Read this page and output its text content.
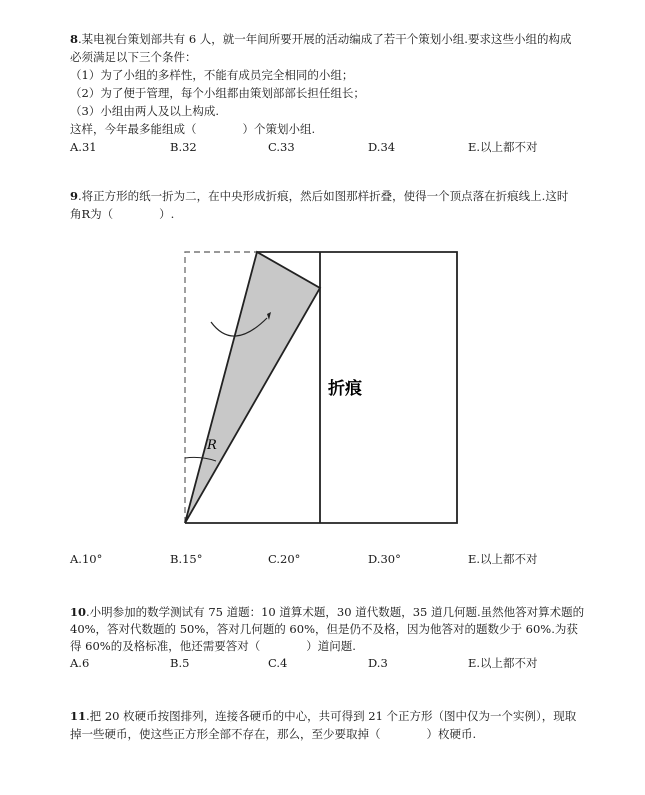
8.某电视台策划部共有 6 人，就一年间所要开展的活动编成了若干个策划小组.要求这些小组的构成
必须满足以下三个条件：
（1）为了小组的多样性，不能有成员完全相同的小组；
（2）为了便于管理，每个小组都由策划部部长担任组长；
（3）小组由两人及以上构成.
这样，今年最多能组成（　　　　）个策划小组.
A.31	B.32	C.33	D.34	E.以上都不对
9.将正方形的纸一折为二，在中央形成折痕，然后如图那样折叠，使得一个顶点落在折痕线上.这时
角R为（　　　　）.
R
折痕
A.10°	B.15°	C.20°	D.30°	E.以上都不对
10.小明参加的数学测试有 75 道题：10 道算术题，30 道代数题，35 道几何题.虽然他答对算术题的
40%，答对代数题的 50%，答对几何题的 60%，但是仍不及格，因为他答对的题数少于 60%.为获
得 60%的及格标准，他还需要答对（　　　　）道问题.
A.6	B.5	C.4	D.3	E.以上都不对
11.把 20 枚硬币按图排列，连接各硬币的中心，共可得到 21 个正方形（图中仅为一个实例），现取
掉一些硬币，使这些正方形全部不存在，那么，至少要取掉（　　　　）枚硬币.
